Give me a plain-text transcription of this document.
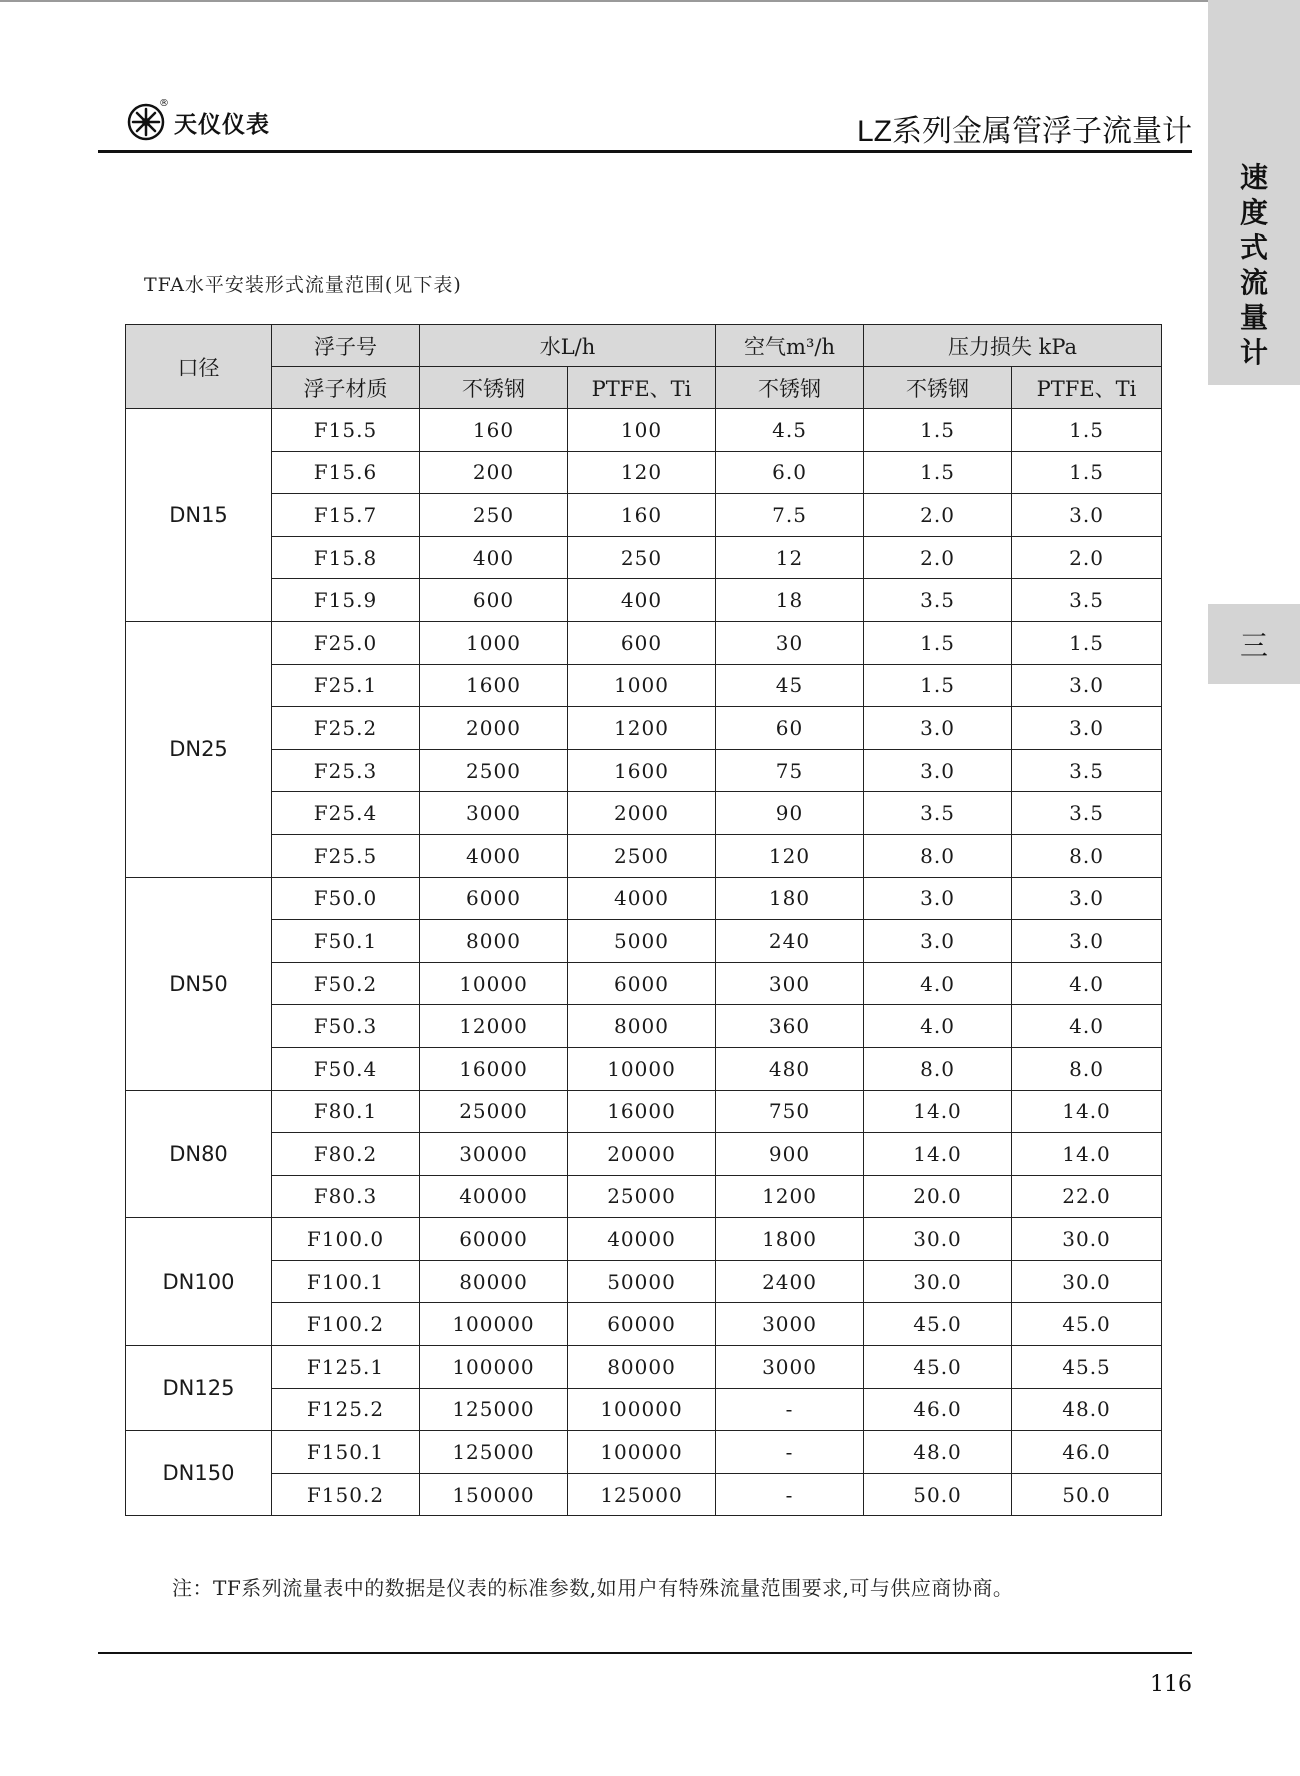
®
天仪仪表	LZ系列金属管浮子流量计
速
度
式
流
量
计
三
TFA水平安装形式流量范围(见下表)
口径	浮子号	水L/h		空气m³/h	压力损失 kPa	
	浮子材质	不锈钢	PTFE、Ti	不锈钢	不锈钢	PTFE、Ti
DN15	F15.5	160	100	4.5	1.5	1.5
	F15.6	200	120	6.0	1.5	1.5
	F15.7	250	160	7.5	2.0	3.0
	F15.8	400	250	12	2.0	2.0
	F15.9	600	400	18	3.5	3.5
DN25	F25.0	1000	600	30	1.5	1.5
	F25.1	1600	1000	45	1.5	3.0
	F25.2	2000	1200	60	3.0	3.0
	F25.3	2500	1600	75	3.0	3.5
	F25.4	3000	2000	90	3.5	3.5
	F25.5	4000	2500	120	8.0	8.0
DN50	F50.0	6000	4000	180	3.0	3.0
	F50.1	8000	5000	240	3.0	3.0
	F50.2	10000	6000	300	4.0	4.0
	F50.3	12000	8000	360	4.0	4.0
	F50.4	16000	10000	480	8.0	8.0
DN80	F80.1	25000	16000	750	14.0	14.0
	F80.2	30000	20000	900	14.0	14.0
	F80.3	40000	25000	1200	20.0	22.0
DN100	F100.0	60000	40000	1800	30.0	30.0
	F100.1	80000	50000	2400	30.0	30.0
	F100.2	100000	60000	3000	45.0	45.0
DN125	F125.1	100000	80000	3000	45.0	45.5
	F125.2	125000	100000	-	46.0	48.0
DN150	F150.1	125000	100000	-	48.0	46.0
	F150.2	150000	125000	-	50.0	50.0
注：TF系列流量表中的数据是仪表的标准参数,如用户有特殊流量范围要求,可与供应商协商。
116
